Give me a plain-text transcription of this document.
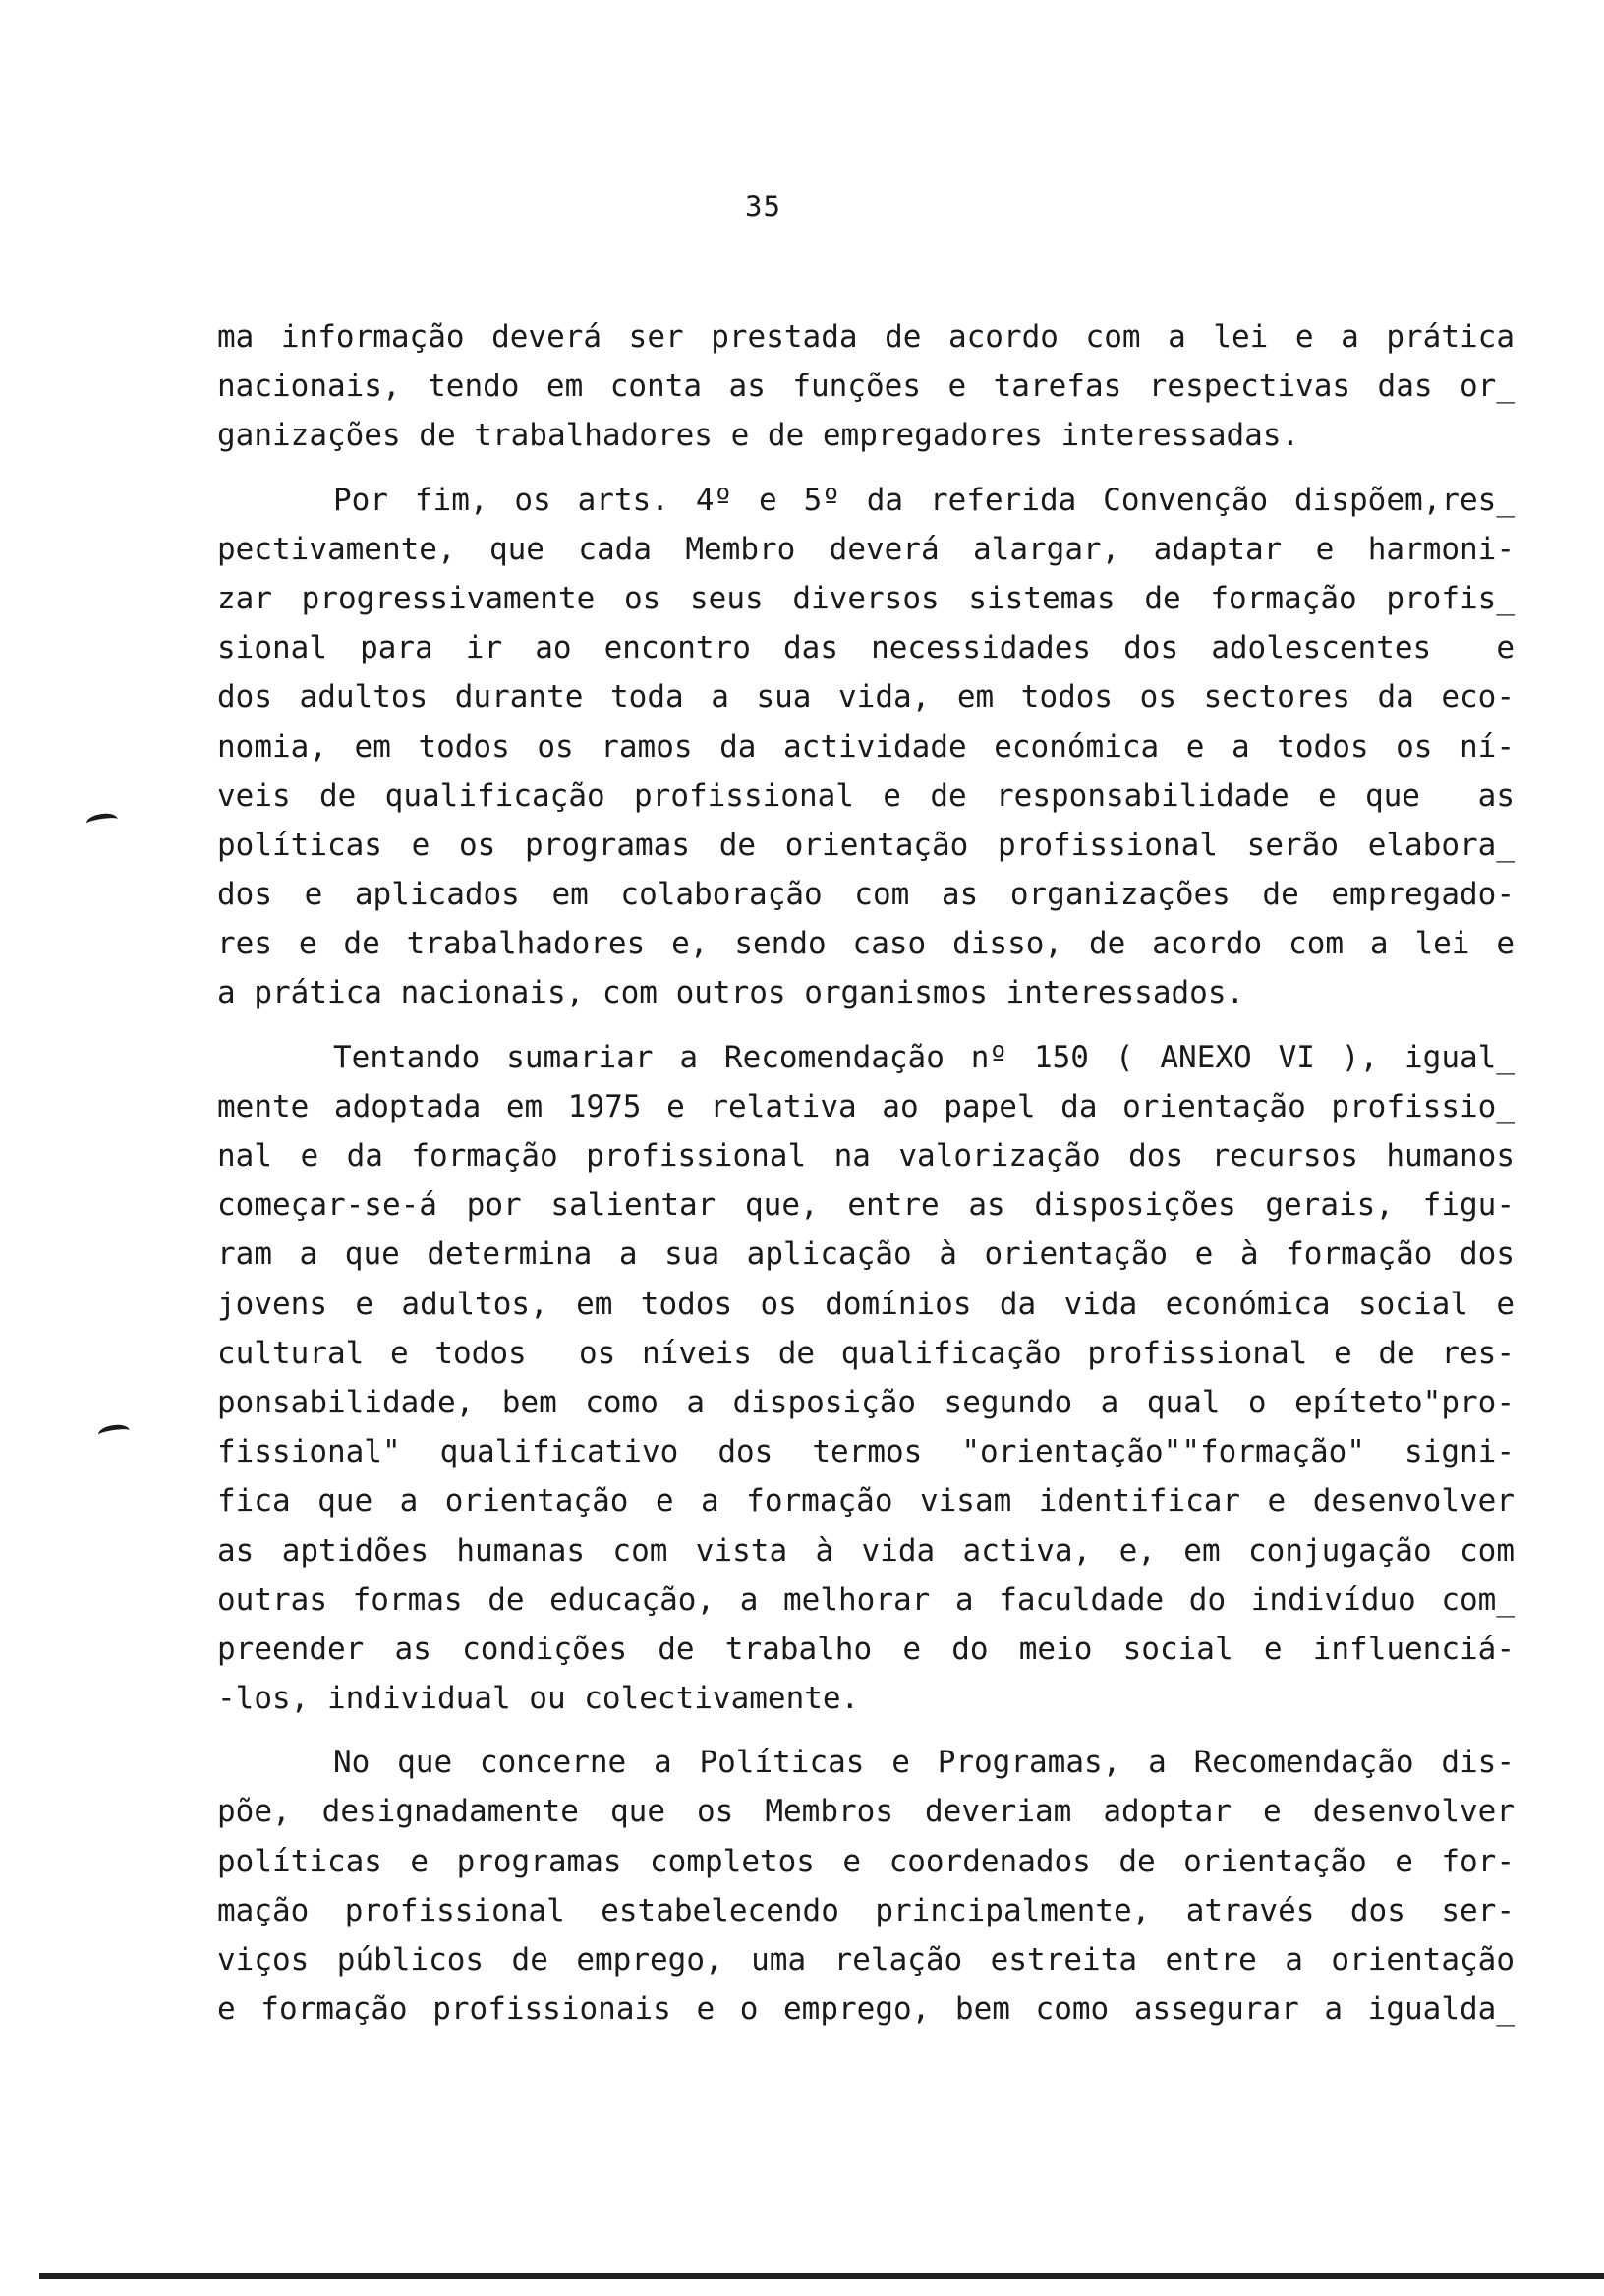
35
ma informação deverá ser prestada de acordo com a lei e a prática
nacionais, tendo em conta as funções e tarefas respectivas das or_
ganizações de trabalhadores e de empregadores interessadas.
Por fim, os arts. 4º e 5º da referida Convenção dispõem,res_
pectivamente, que cada Membro deverá alargar, adaptar e harmoni-
zar progressivamente os seus diversos sistemas de formação profis_
sional para ir ao encontro das necessidades dos adolescentes  e
dos adultos durante toda a sua vida, em todos os sectores da eco-
nomia, em todos os ramos da actividade económica e a todos os ní-
veis de qualificação profissional e de responsabilidade e que  as
políticas e os programas de orientação profissional serão elabora_
dos e aplicados em colaboração com as organizações de empregado-
res e de trabalhadores e, sendo caso disso, de acordo com a lei e
a prática nacionais, com outros organismos interessados.
Tentando sumariar a Recomendação nº 150 ( ANEXO VI ), igual_
mente adoptada em 1975 e relativa ao papel da orientação profissio_
nal e da formação profissional na valorização dos recursos humanos
começar-se-á por salientar que, entre as disposições gerais, figu-
ram a que determina a sua aplicação à orientação e à formação dos
jovens e adultos, em todos os domínios da vida económica social e
cultural e todos  os níveis de qualificação profissional e de res-
ponsabilidade, bem como a disposição segundo a qual o epíteto"pro-
fissional" qualificativo dos termos "orientação""formação" signi-
fica que a orientação e a formação visam identificar e desenvolver
as aptidões humanas com vista à vida activa, e, em conjugação com
outras formas de educação, a melhorar a faculdade do indivíduo com_
preender as condições de trabalho e do meio social e influenciá-
-los, individual ou colectivamente.
No que concerne a Políticas e Programas, a Recomendação dis-
põe, designadamente que os Membros deveriam adoptar e desenvolver
políticas e programas completos e coordenados de orientação e for-
mação profissional estabelecendo principalmente, através dos ser-
viços públicos de emprego, uma relação estreita entre a orientação
e formação profissionais e o emprego, bem como assegurar a igualda_
